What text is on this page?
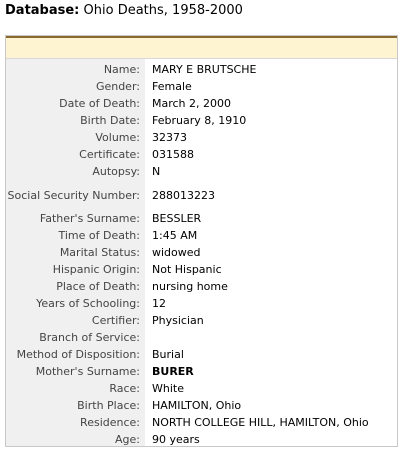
Database: Ohio Deaths, 1958-2000
Name:	MARY E BRUTSCHE
Gender:	Female
Date of Death:	March 2, 2000
Birth Date:	February 8, 1910
Volume:	32373
Certificate:	031588
Autopsy:	N
Social Security Number:	288013223
Father's Surname:	BESSLER
Time of Death:	1:45 AM
Marital Status:	widowed
Hispanic Origin:	Not Hispanic
Place of Death:	nursing home
Years of Schooling:	12
Certifier:	Physician
Branch of Service:
Method of Disposition:	Burial
Mother's Surname:	BURER
Race:	White
Birth Place:	HAMILTON, Ohio
Residence:	NORTH COLLEGE HILL, HAMILTON, Ohio
Age:	90 years
